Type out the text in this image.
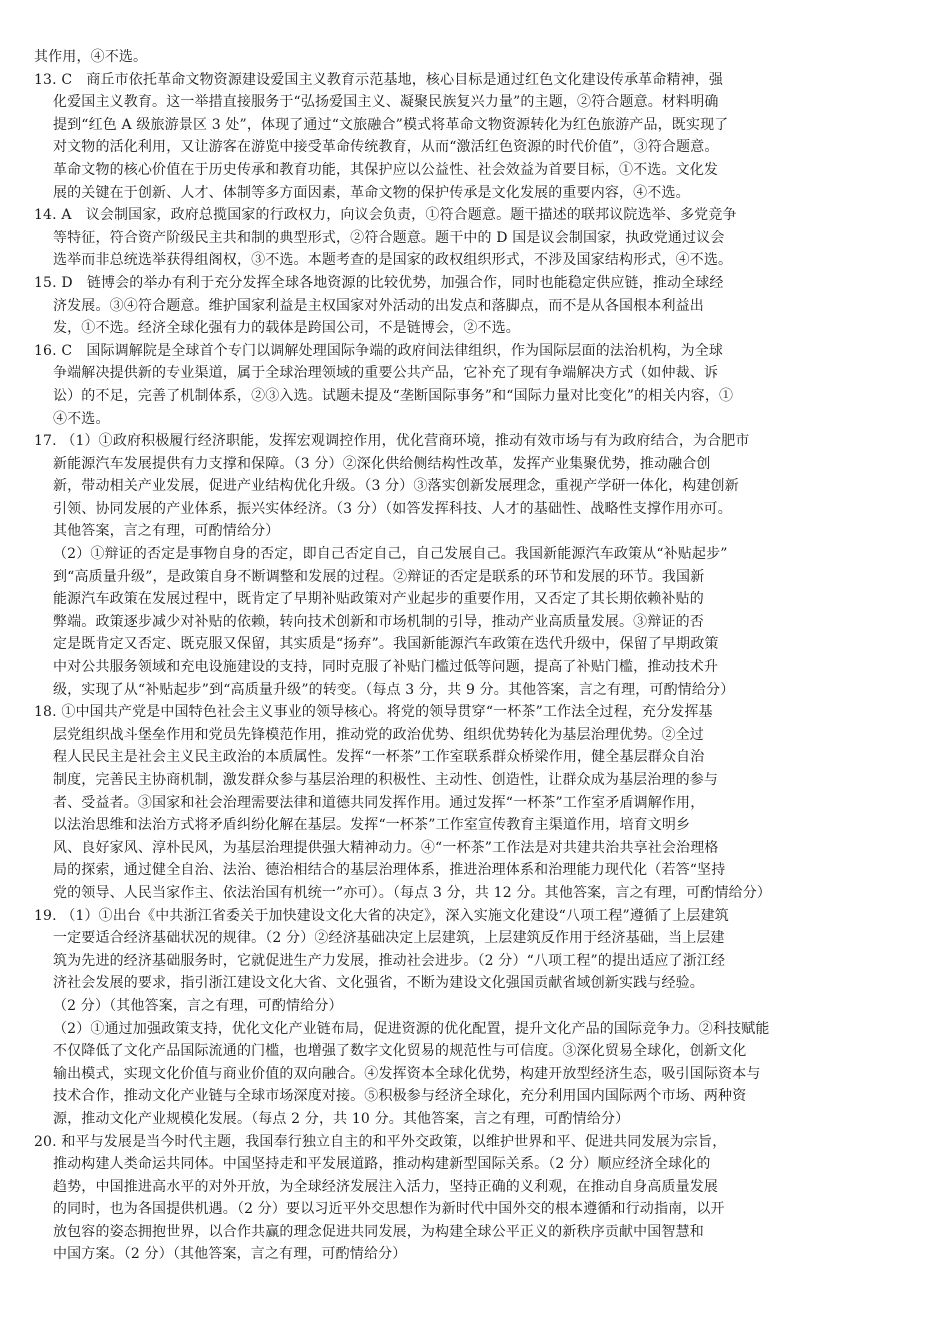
其作用，④不选。
13. C　商丘市依托革命文物资源建设爱国主义教育示范基地，核心目标是通过红色文化建设传承革命精神，强
化爱国主义教育。这一举措直接服务于“弘扬爱国主义、凝聚民族复兴力量”的主题，②符合题意。材料明确
提到“红色 A 级旅游景区 3 处”，体现了通过“文旅融合”模式将革命文物资源转化为红色旅游产品，既实现了
对文物的活化利用，又让游客在游览中接受革命传统教育，从而“激活红色资源的时代价值”，③符合题意。
革命文物的核心价值在于历史传承和教育功能，其保护应以公益性、社会效益为首要目标，①不选。文化发
展的关键在于创新、人才、体制等多方面因素，革命文物的保护传承是文化发展的重要内容，④不选。
14. A　议会制国家，政府总揽国家的行政权力，向议会负责，①符合题意。题干描述的联邦议院选举、多党竞争
等特征，符合资产阶级民主共和制的典型形式，②符合题意。题干中的 D 国是议会制国家，执政党通过议会
选举而非总统选举获得组阁权，③不选。本题考查的是国家的政权组织形式，不涉及国家结构形式，④不选。
15. D　链博会的举办有利于充分发挥全球各地资源的比较优势，加强合作，同时也能稳定供应链，推动全球经
济发展。③④符合题意。维护国家利益是主权国家对外活动的出发点和落脚点，而不是从各国根本利益出
发，①不选。经济全球化强有力的载体是跨国公司，不是链博会，②不选。
16. C　国际调解院是全球首个专门以调解处理国际争端的政府间法律组织，作为国际层面的法治机构，为全球
争端解决提供新的专业渠道，属于全球治理领域的重要公共产品，它补充了现有争端解决方式（如仲裁、诉
讼）的不足，完善了机制体系，②③入选。试题未提及“垄断国际事务”和“国际力量对比变化”的相关内容，①
④不选。
17. （1）①政府积极履行经济职能，发挥宏观调控作用，优化营商环境，推动有效市场与有为政府结合，为合肥市
新能源汽车发展提供有力支撑和保障。（3 分）②深化供给侧结构性改革，发挥产业集聚优势，推动融合创
新，带动相关产业发展，促进产业结构优化升级。（3 分）③落实创新发展理念，重视产学研一体化，构建创新
引领、协同发展的产业体系，振兴实体经济。（3 分）（如答发挥科技、人才的基础性、战略性支撑作用亦可。
其他答案，言之有理，可酌情给分）
（2）①辩证的否定是事物自身的否定，即自己否定自己，自己发展自己。我国新能源汽车政策从“补贴起步”
到“高质量升级”，是政策自身不断调整和发展的过程。②辩证的否定是联系的环节和发展的环节。我国新
能源汽车政策在发展过程中，既肯定了早期补贴政策对产业起步的重要作用，又否定了其长期依赖补贴的
弊端。政策逐步减少对补贴的依赖，转向技术创新和市场机制的引导，推动产业高质量发展。③辩证的否
定是既肯定又否定、既克服又保留，其实质是“扬弃”。我国新能源汽车政策在迭代升级中，保留了早期政策
中对公共服务领域和充电设施建设的支持，同时克服了补贴门槛过低等问题，提高了补贴门槛，推动技术升
级，实现了从“补贴起步”到“高质量升级”的转变。（每点 3 分，共 9 分。其他答案，言之有理，可酌情给分）
18. ①中国共产党是中国特色社会主义事业的领导核心。将党的领导贯穿“一杯茶”工作法全过程，充分发挥基
层党组织战斗堡垒作用和党员先锋模范作用，推动党的政治优势、组织优势转化为基层治理优势。②全过
程人民民主是社会主义民主政治的本质属性。发挥“一杯茶”工作室联系群众桥梁作用，健全基层群众自治
制度，完善民主协商机制，激发群众参与基层治理的积极性、主动性、创造性，让群众成为基层治理的参与
者、受益者。③国家和社会治理需要法律和道德共同发挥作用。通过发挥“一杯茶”工作室矛盾调解作用，
以法治思维和法治方式将矛盾纠纷化解在基层。发挥“一杯茶”工作室宣传教育主渠道作用，培育文明乡
风、良好家风、淳朴民风，为基层治理提供强大精神动力。④“一杯茶”工作法是对共建共治共享社会治理格
局的探索，通过健全自治、法治、德治相结合的基层治理体系，推进治理体系和治理能力现代化（若答“坚持
党的领导、人民当家作主、依法治国有机统一”亦可）。（每点 3 分，共 12 分。其他答案，言之有理，可酌情给分）
19. （1）①出台《中共浙江省委关于加快建设文化大省的决定》，深入实施文化建设“八项工程”遵循了上层建筑
一定要适合经济基础状况的规律。（2 分）②经济基础决定上层建筑，上层建筑反作用于经济基础，当上层建
筑为先进的经济基础服务时，它就促进生产力发展，推动社会进步。（2 分）“八项工程”的提出适应了浙江经
济社会发展的要求，指引浙江建设文化大省、文化强省，不断为建设文化强国贡献省域创新实践与经验。
（2 分）（其他答案，言之有理，可酌情给分）
（2）①通过加强政策支持，优化文化产业链布局，促进资源的优化配置，提升文化产品的国际竞争力。②科技赋能
不仅降低了文化产品国际流通的门槛，也增强了数字文化贸易的规范性与可信度。③深化贸易全球化，创新文化
输出模式，实现文化价值与商业价值的双向融合。④发挥资本全球化优势，构建开放型经济生态，吸引国际资本与
技术合作，推动文化产业链与全球市场深度对接。⑤积极参与经济全球化，充分利用国内国际两个市场、两种资
源，推动文化产业规模化发展。（每点 2 分，共 10 分。其他答案，言之有理，可酌情给分）
20. 和平与发展是当今时代主题，我国奉行独立自主的和平外交政策，以维护世界和平、促进共同发展为宗旨，
推动构建人类命运共同体。中国坚持走和平发展道路，推动构建新型国际关系。（2 分）顺应经济全球化的
趋势，中国推进高水平的对外开放，为全球经济发展注入活力，坚持正确的义利观，在推动自身高质量发展
的同时，也为各国提供机遇。（2 分）要以习近平外交思想作为新时代中国外交的根本遵循和行动指南，以开
放包容的姿态拥抱世界，以合作共赢的理念促进共同发展，为构建全球公平正义的新秩序贡献中国智慧和
中国方案。（2 分）（其他答案，言之有理，可酌情给分）
